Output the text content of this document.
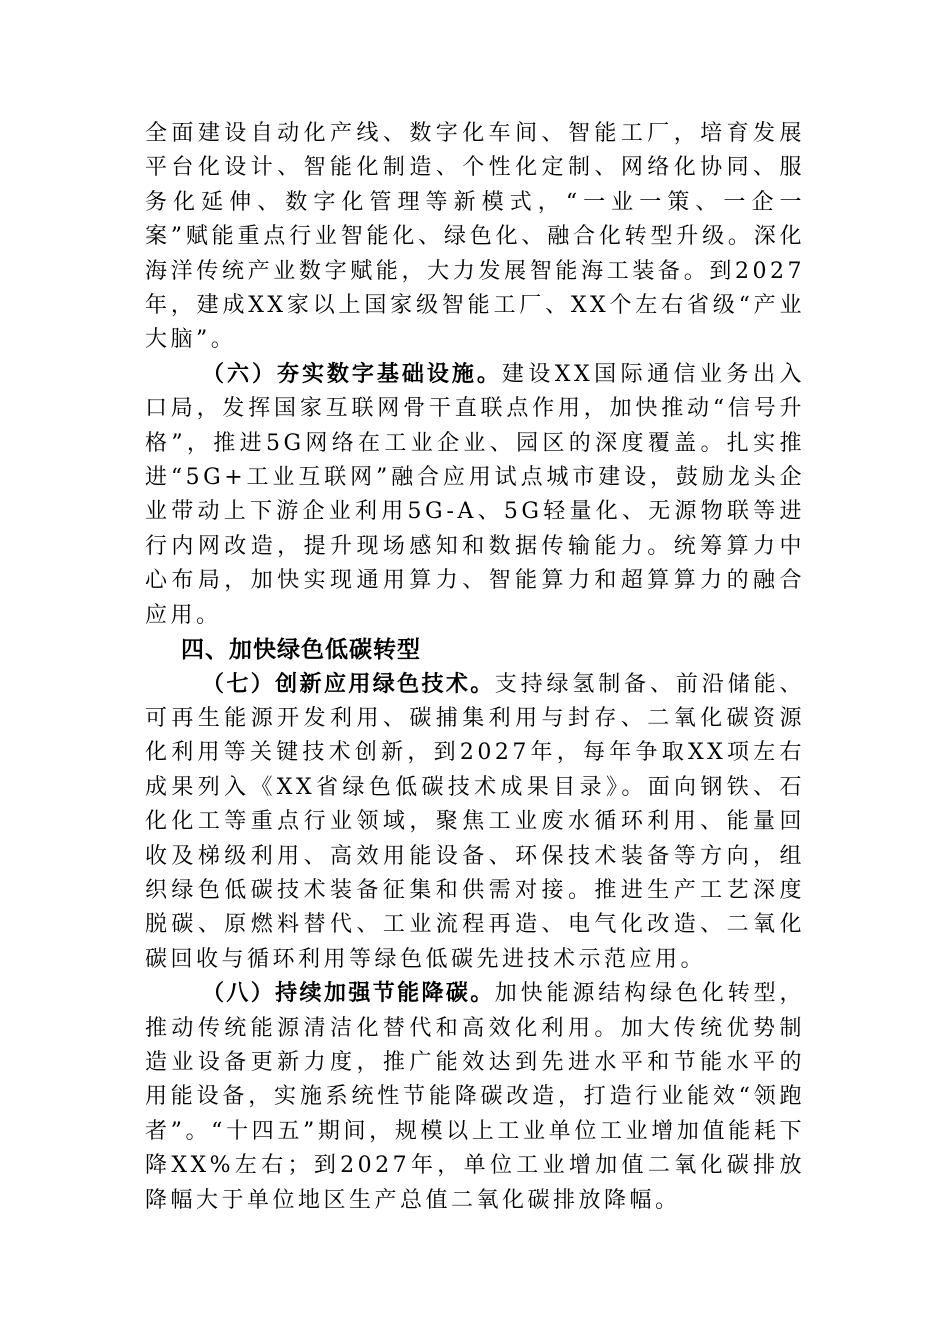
全面建设自动化产线、数字化车间、智能工厂，培育发展平台化设计、智能化制造、个性化定制、网络化协同、服务化延伸、数字化管理等新模式，“一业一策、一企一案”赋能重点行业智能化、绿色化、融合化转型升级。深化海洋传统产业数字赋能，大力发展智能海工装备。到2027年，建成XX家以上国家级智能工厂、XX个左右省级“产业大脑”。

（六）夯实数字基础设施。建设XX国际通信业务出入口局，发挥国家互联网骨干直联点作用，加快推动“信号升格”，推进5G网络在工业企业、园区的深度覆盖。扎实推进“5G+工业互联网”融合应用试点城市建设，鼓励龙头企业带动上下游企业利用5G-A、5G轻量化、无源物联等进行内网改造，提升现场感知和数据传输能力。统筹算力中心布局，加快实现通用算力、智能算力和超算算力的融合应用。

四、加快绿色低碳转型

（七）创新应用绿色技术。支持绿氢制备、前沿储能、可再生能源开发利用、碳捕集利用与封存、二氧化碳资源化利用等关键技术创新，到2027年，每年争取XX项左右成果列入《XX省绿色低碳技术成果目录》。面向钢铁、石化化工等重点行业领域，聚焦工业废水循环利用、能量回收及梯级利用、高效用能设备、环保技术装备等方向，组织绿色低碳技术装备征集和供需对接。推进生产工艺深度脱碳、原燃料替代、工业流程再造、电气化改造、二氧化碳回收与循环利用等绿色低碳先进技术示范应用。

（八）持续加强节能降碳。加快能源结构绿色化转型，推动传统能源清洁化替代和高效化利用。加大传统优势制造业设备更新力度，推广能效达到先进水平和节能水平的用能设备，实施系统性节能降碳改造，打造行业能效“领跑者”。“十四五”期间，规模以上工业单位工业增加值能耗下降XX%左右；到2027年，单位工业增加值二氧化碳排放降幅大于单位地区生产总值二氧化碳排放降幅。
